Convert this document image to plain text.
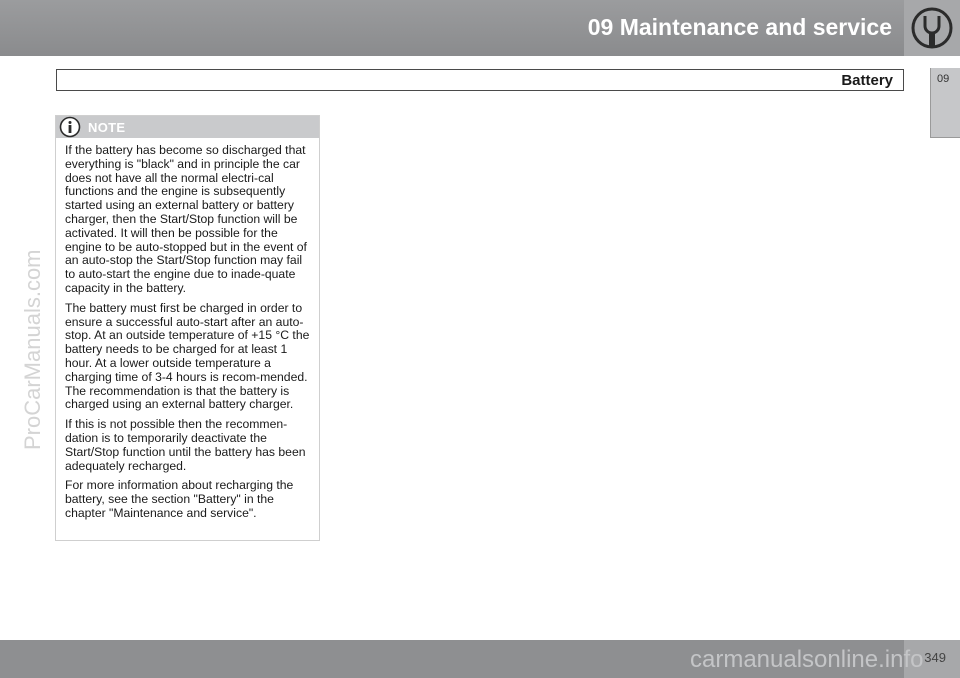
09 Maintenance and service
Battery	09
ProCarManuals.com
NOTE

If the battery has become so discharged that everything is "black" and in principle the car does not have all the normal electri-cal functions and the engine is subsequently started using an external battery or battery charger, then the Start/Stop function will be activated. It will then be possible for the engine to be auto-stopped but in the event of an auto-stop the Start/Stop function may fail to auto-start the engine due to inade-quate capacity in the battery.

The battery must first be charged in order to ensure a successful auto-start after an auto-stop. At an outside temperature of +15 °C the battery needs to be charged for at least 1 hour. At a lower outside temperature a charging time of 3-4 hours is recom-mended. The recommendation is that the battery is charged using an external battery charger.

If this is not possible then the recommen-dation is to temporarily deactivate the Start/Stop function until the battery has been adequately recharged.

For more information about recharging the battery, see the section "Battery" in the chapter "Maintenance and service".

349
carmanualsonline.info
